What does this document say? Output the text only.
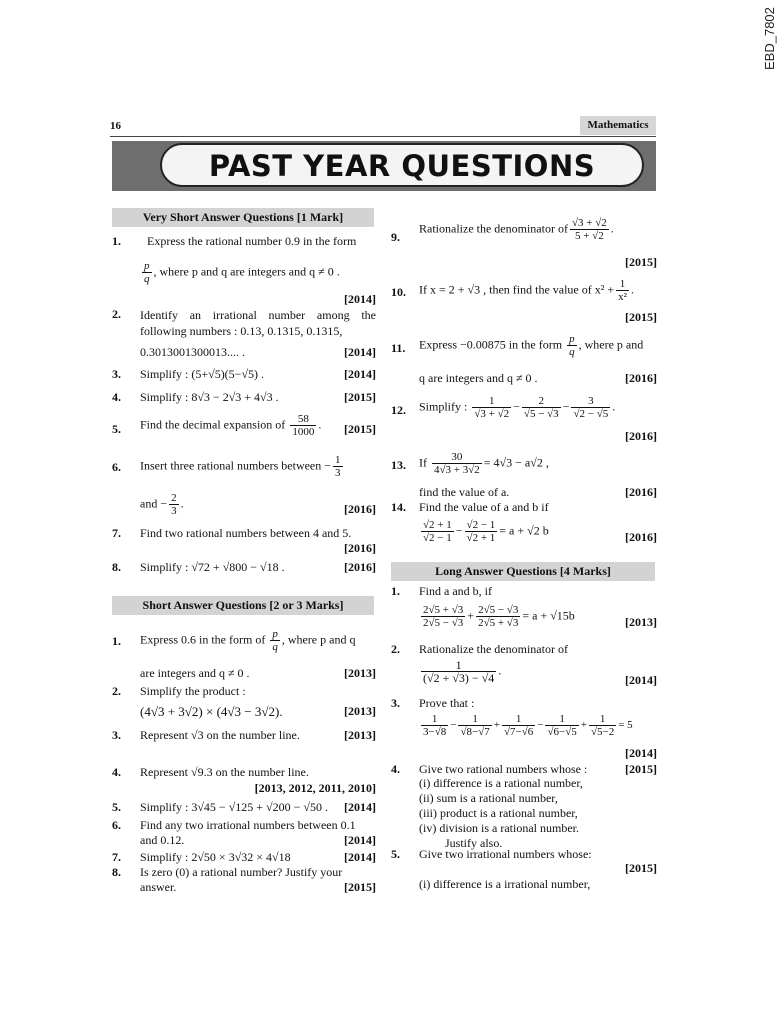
EBD_7802
16	Mathematics
PAST YEAR QUESTIONS
Very Short Answer Questions [1 Mark]
1. Express the rational number 0.9 in the form
$\frac{p}{q}$ , where p and q are integers and q ≠ 0 .
[2014]
2. Identify an irrational number among the following numbers : 0.13, 0.1315, 0.1315,
0.3013001300013.... .	[2014]
3. Simplify : (5+√5)(5−√5) .	[2014]
4. Simplify : 8√3 − 2√3 + 4√3 .	[2015]
5. Find the decimal expansion of $\frac{58}{1000}$ . [2015]
6. Insert three rational numbers between − $\frac{1}{3}$
and − $\frac{2}{3}$ .	[2016]
7. Find two rational numbers between 4 and 5.
[2016]
8. Simplify : √72 + √800 − √18 .	[2016]
Short Answer Questions [2 or 3 Marks]
1. Express 0.6 in the form of $\frac{p}{q}$ , where p and q
are integers and q ≠ 0 .	[2013]
2. Simplify the product :
(4√3 + 3√2) × (4√3 − 3√2).	[2013]
3. Represent √3 on the number line.	[2013]
4. Represent √9.3 on the number line.
[2013, 2012, 2011, 2010]
5. Simplify : 3√45 − √125 + √200 − √50 .	[2014]
6. Find any two irrational numbers between 0.1
and 0.12.	[2014]
7. Simplify : 2√50 × 3√32 × 4√18	[2014]
8. Is zero (0) a rational number? Justify your
answer.	[2015]
9.
Rationalize the denominator of $\frac{√3 + √2}{5 + √2}$ .
[2015]
10. If x = 2 + √3 , then find the value of $x^2 + \frac{1}{\text{x²}}$ .
[2015]
11. Express −0.00875 in the form $\frac{p}{q}$ , where p and
q are integers and q ≠ 0 .	[2016]
12. Simplify : $\frac{1}{√3 + √2} - \frac{2}{√5 - √3} - \frac{3}{√2 - √5}$ .
[2016]
13. If $\frac{30}{4√3 + 3√2} = 4√3 - a√2$ ,
find the value of a.	[2016]
14. Find the value of a and b if
$\frac{√2 + 1}{√2 - 1} - \frac{√2 - 1}{√2 + 1} = a + √2$ b	[2016]
Long Answer Questions [4 Marks]
1. Find a and b, if
$\frac{2√5 + √3}{2√5 - √3} + \frac{2√5 - √3}{2√5 + √3} = a + √15b$	[2013]
2. Rationalize the denominator of
$\frac{1}{(√2 + √3) - √4}$ .
[2014]
3. Prove that :
$\frac{1}{3-√8} - \frac{1}{√8-√7} + \frac{1}{√7-√6} - \frac{1}{√6-√5} + \frac{1}{√5-2} = 5$
[2014]
4. Give two rational numbers whose :	[2015]
(i) difference is a rational number,
(ii) sum is a rational number,
(iii) product is a rational number,
(iv) division is a rational number.
Justify also.
5. Give two irrational numbers whose:
[2015]
(i) difference is a irrational number,
